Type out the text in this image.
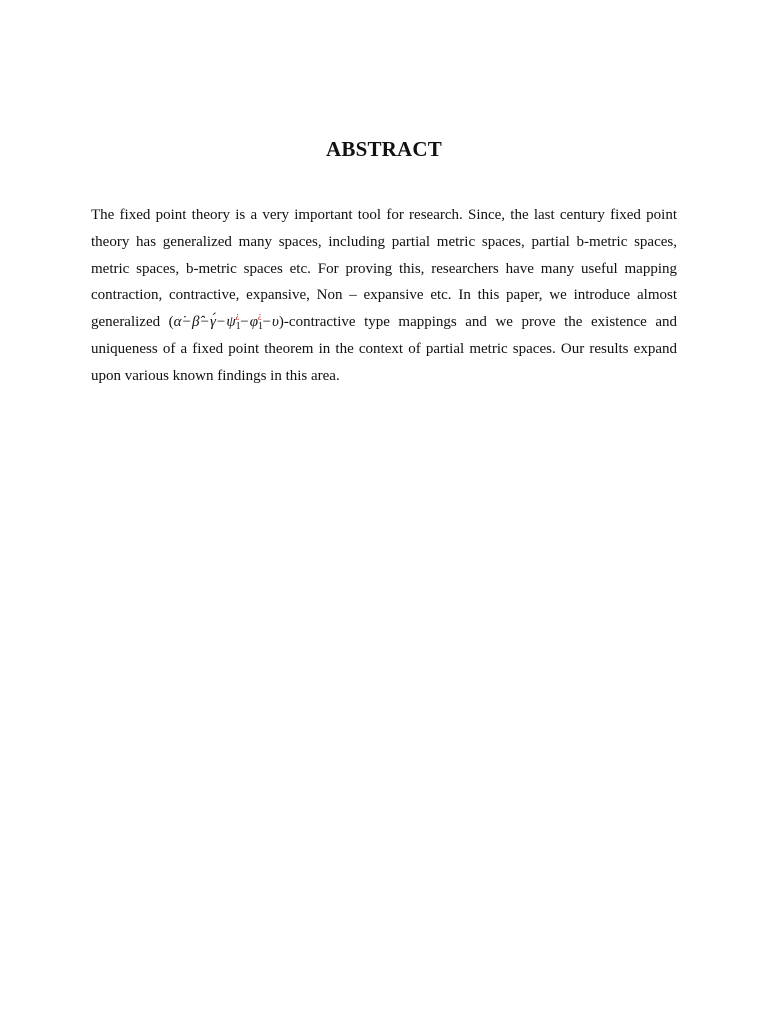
ABSTRACT

The fixed point theory is a very important tool for research. Since, the last century fixed point theory has generalized many spaces, including partial metric spaces, partial b-metric spaces, metric spaces, b-metric spaces etc. For proving this, researchers have many useful mapping contraction, contractive, expansive, Non – expansive etc. In this paper, we introduce almost generalized $(\alphȧ-\betâ-\gammá-\psi_1^¿-\varphi_1^¿-\upsilon)$-contractive type mappings and we prove the existence and uniqueness of a fixed point theorem in the context of partial metric spaces. Our results expand upon various known findings in this area.
